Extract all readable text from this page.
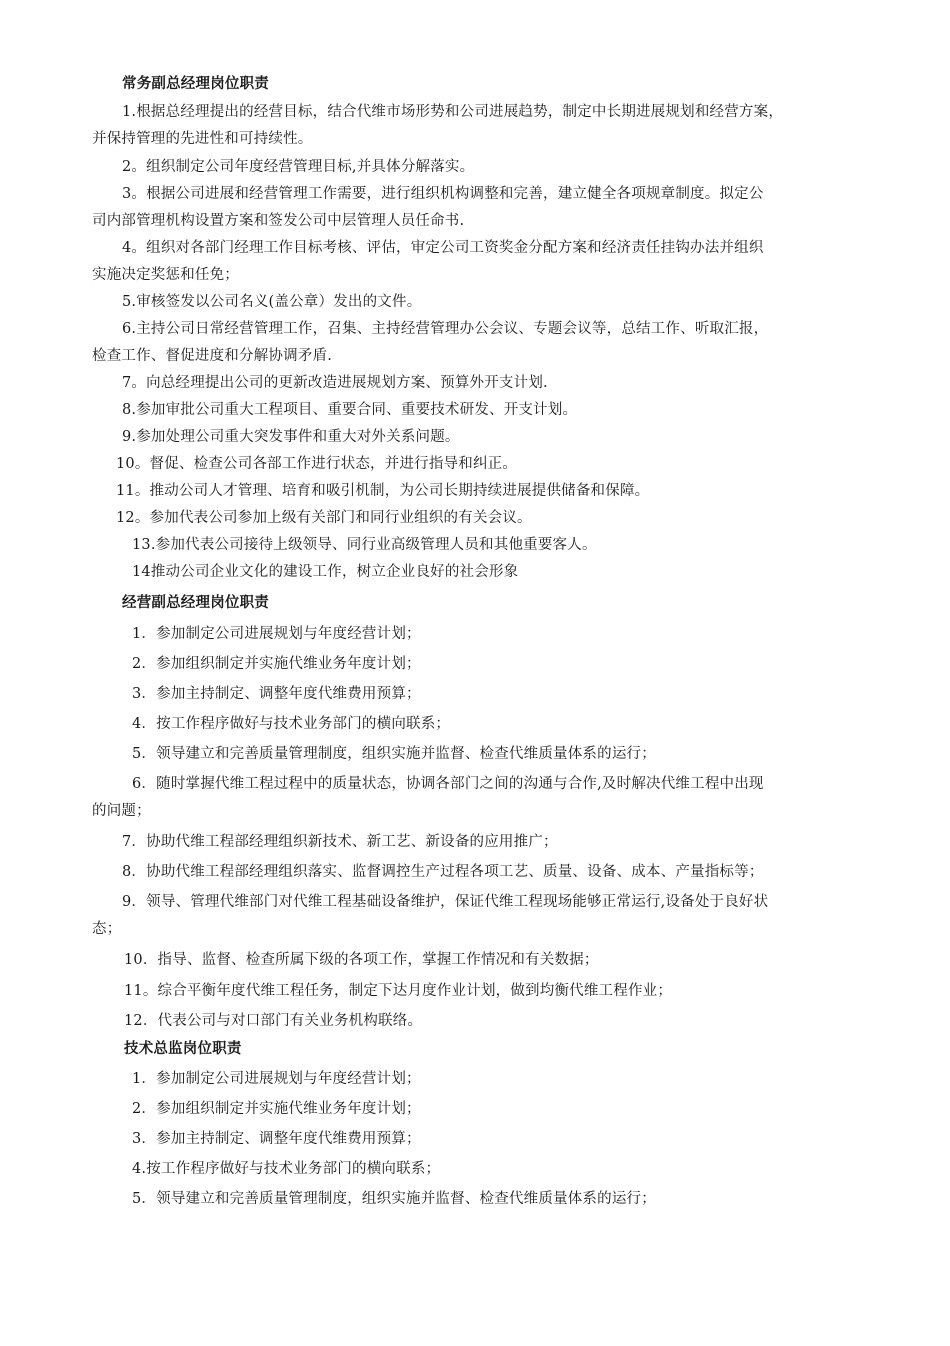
常务副总经理岗位职责
1.根据总经理提出的经营目标，结合代维市场形势和公司进展趋势，制定中长期进展规划和经营方案，
并保持管理的先进性和可持续性。
2。组织制定公司年度经营管理目标,并具体分解落实。
3。根据公司进展和经营管理工作需要，进行组织机构调整和完善，建立健全各项规章制度。拟定公
司内部管理机构设置方案和签发公司中层管理人员任命书.
4。组织对各部门经理工作目标考核、评估，审定公司工资奖金分配方案和经济责任挂钩办法并组织
实施决定奖惩和任免；
5.审核签发以公司名义(盖公章）发出的文件。
6.主持公司日常经营管理工作，召集、主持经营管理办公会议、专题会议等，总结工作、听取汇报，
检查工作、督促进度和分解协调矛盾.
7。向总经理提出公司的更新改造进展规划方案、预算外开支计划.
8.参加审批公司重大工程项目、重要合同、重要技术研发、开支计划。
9.参加处理公司重大突发事件和重大对外关系问题。
10。督促、检查公司各部工作进行状态，并进行指导和纠正。
11。推动公司人才管理、培育和吸引机制，为公司长期持续进展提供储备和保障。
12。参加代表公司参加上级有关部门和同行业组织的有关会议。
13.参加代表公司接待上级领导、同行业高级管理人员和其他重要客人。
14推动公司企业文化的建设工作，树立企业良好的社会形象
经营副总经理岗位职责
1．参加制定公司进展规划与年度经营计划；
2．参加组织制定并实施代维业务年度计划；
3．参加主持制定、调整年度代维费用预算；
4．按工作程序做好与技术业务部门的横向联系；
5．领导建立和完善质量管理制度，组织实施并监督、检查代维质量体系的运行；
6．随时掌握代维工程过程中的质量状态，协调各部门之间的沟通与合作,及时解决代维工程中出现
的问题；
7．协助代维工程部经理组织新技术、新工艺、新设备的应用推广；
8．协助代维工程部经理组织落实、监督调控生产过程各项工艺、质量、设备、成本、产量指标等；
9．领导、管理代维部门对代维工程基础设备维护，保证代维工程现场能够正常运行,设备处于良好状
态；
10．指导、监督、检查所属下级的各项工作，掌握工作情况和有关数据；
11。综合平衡年度代维工程任务，制定下达月度作业计划，做到均衡代维工程作业；
12．代表公司与对口部门有关业务机构联络。
技术总监岗位职责
1．参加制定公司进展规划与年度经营计划；
2．参加组织制定并实施代维业务年度计划；
3．参加主持制定、调整年度代维费用预算；
4.按工作程序做好与技术业务部门的横向联系；
5．领导建立和完善质量管理制度，组织实施并监督、检查代维质量体系的运行；
